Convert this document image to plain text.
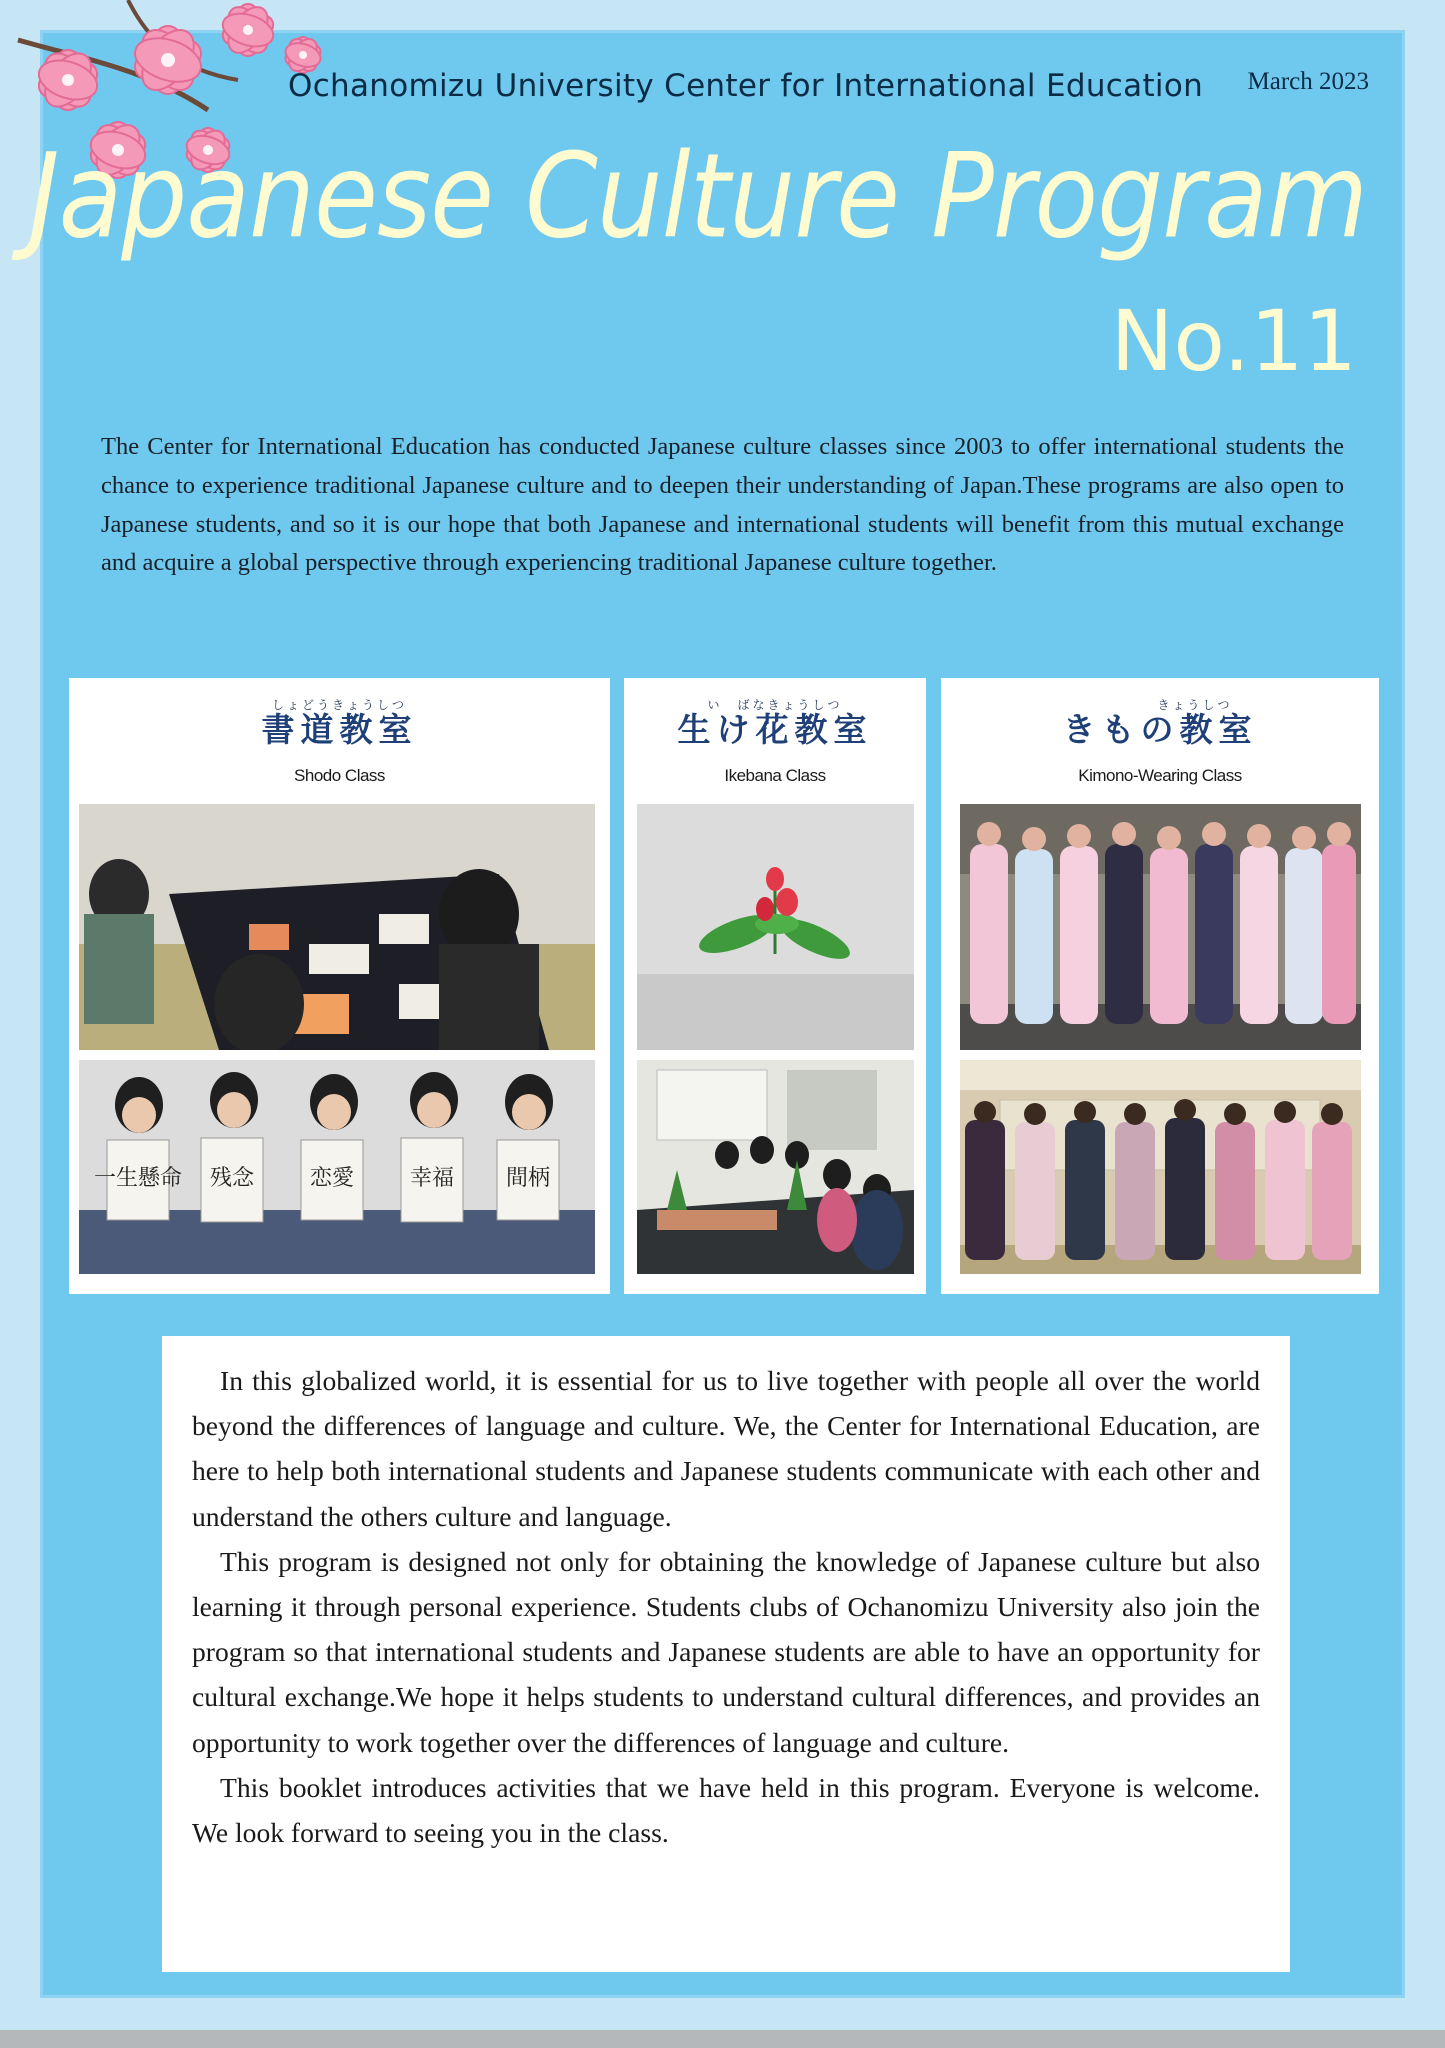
Ochanomizu University Center for International Education March 2023
Japanese Culture Program
No.11
The Center for International Education has conducted Japanese culture classes since 2003 to offer international students the chance to experience traditional Japanese culture and to deepen their understanding of Japan.These programs are also open to Japanese students, and so it is our hope that both Japanese and international students will benefit from this mutual exchange and acquire a global perspective through experiencing traditional Japanese culture together.
しょどうきょうしつ
書道教室
Shodo Class
一生懸命 残念	恋愛	幸福 間柄
い　ばなきょうしつ
生け花教室
Ikebana Class
きょうしつ
きもの教室
Kimono-Wearing Class

In this globalized world, it is essential for us to live together with people all over the world beyond the differences of language and culture. We, the Center for International Education, are here to help both international students and Japanese students communicate with each other and understand the others culture and language.

This program is designed not only for obtaining the knowledge of Japanese culture but also learning it through personal experience. Students clubs of Ochanomizu University also join the program so that international students and Japanese students are able to have an opportunity for cultural exchange.We hope it helps students to understand cultural differences, and provides an opportunity to work together over the differences of language and culture.

This booklet introduces activities that we have held in this program. Everyone is welcome. We look forward to seeing you in the class.
